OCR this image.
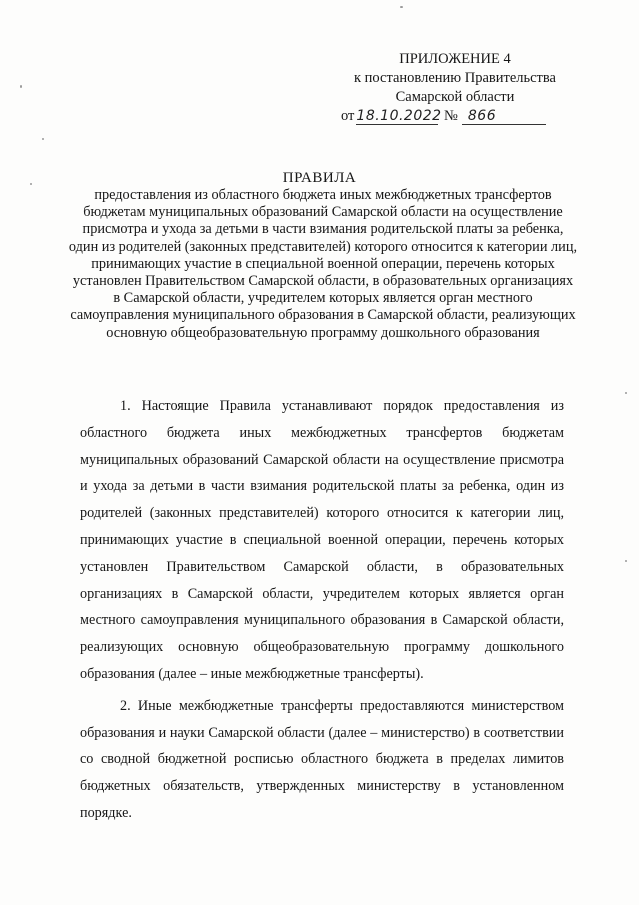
ПРИЛОЖЕНИЕ 4
к постановлению Правительства
Самарской области
от 18.10.2022 № 866
ПРАВИЛА
предоставления из областного бюджета иных межбюджетных трансфертов бюджетам муниципальных образований Самарской области на осуществление присмотра и ухода за детьми в части взимания родительской платы за ребенка, один из родителей (законных представителей) которого относится к категории лиц, принимающих участие в специальной военной операции, перечень которых установлен Правительством Самарской области, в образовательных организациях в Самарской области, учредителем которых является орган местного самоуправления муниципального образования в Самарской области, реализующих основную общеобразовательную программу дошкольного образования

1. Настоящие Правила устанавливают порядок предоставления из областного бюджета иных межбюджетных трансфертов бюджетам муниципальных образований Самарской области на осуществление присмотра и ухода за детьми в части взимания родительской платы за ребенка, один из родителей (законных представителей) которого относится к категории лиц, принимающих участие в специальной военной операции, перечень которых установлен Правительством Самарской области, в образовательных организациях в Самарской области, учредителем которых является орган местного самоуправления муниципального образования в Самарской области, реализующих основную общеобразовательную программу дошкольного образования (далее – иные межбюджетные трансферты).

2. Иные межбюджетные трансферты предоставляются министерством образования и науки Самарской области (далее – министерство) в соответствии со сводной бюджетной росписью областного бюджета в пределах лимитов бюджетных обязательств, утвержденных министерству в установленном порядке.
